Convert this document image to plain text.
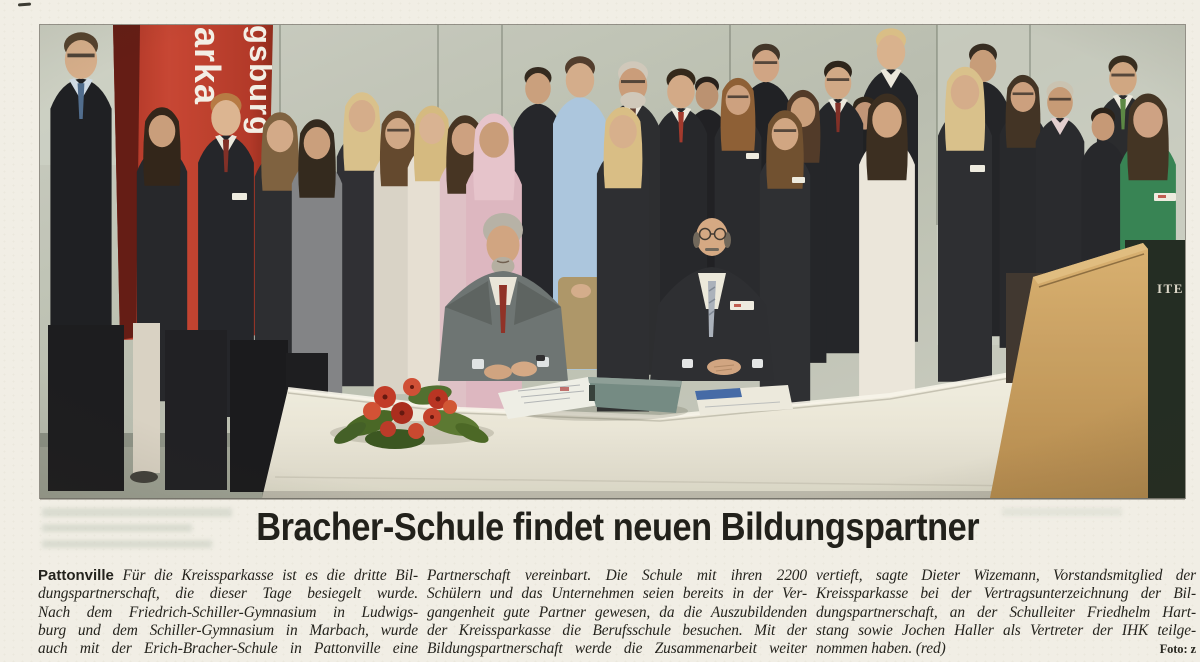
Bracher-Schule findet neuen Bildungspartner
Pattonville Für die Kreissparkasse ist es die dritte Bil-
dungspartnerschaft, die dieser Tage besiegelt wurde.
Nach dem Friedrich-Schiller-Gymnasium in Ludwigs-
burg und dem Schiller-Gymnasium in Marbach, wurde
auch mit der Erich-Bracher-Schule in Pattonville eine
Partnerschaft vereinbart. Die Schule mit ihren 2200
Schülern und das Unternehmen seien bereits in der Ver-
gangenheit gute Partner gewesen, da die Auszubildenden
der Kreissparkasse die Berufsschule besuchen. Mit der
Bildungspartnerschaft werde die Zusammenarbeit weiter
vertieft, sagte Dieter Wizemann, Vorstandsmitglied der
Kreissparkasse bei der Vertragsunterzeichnung der Bil-
dungspartnerschaft, an der Schulleiter Friedhelm Hart-
stang sowie Jochen Haller als Vertreter der IHK teilge-
nommen haben. (red)	Foto: z
